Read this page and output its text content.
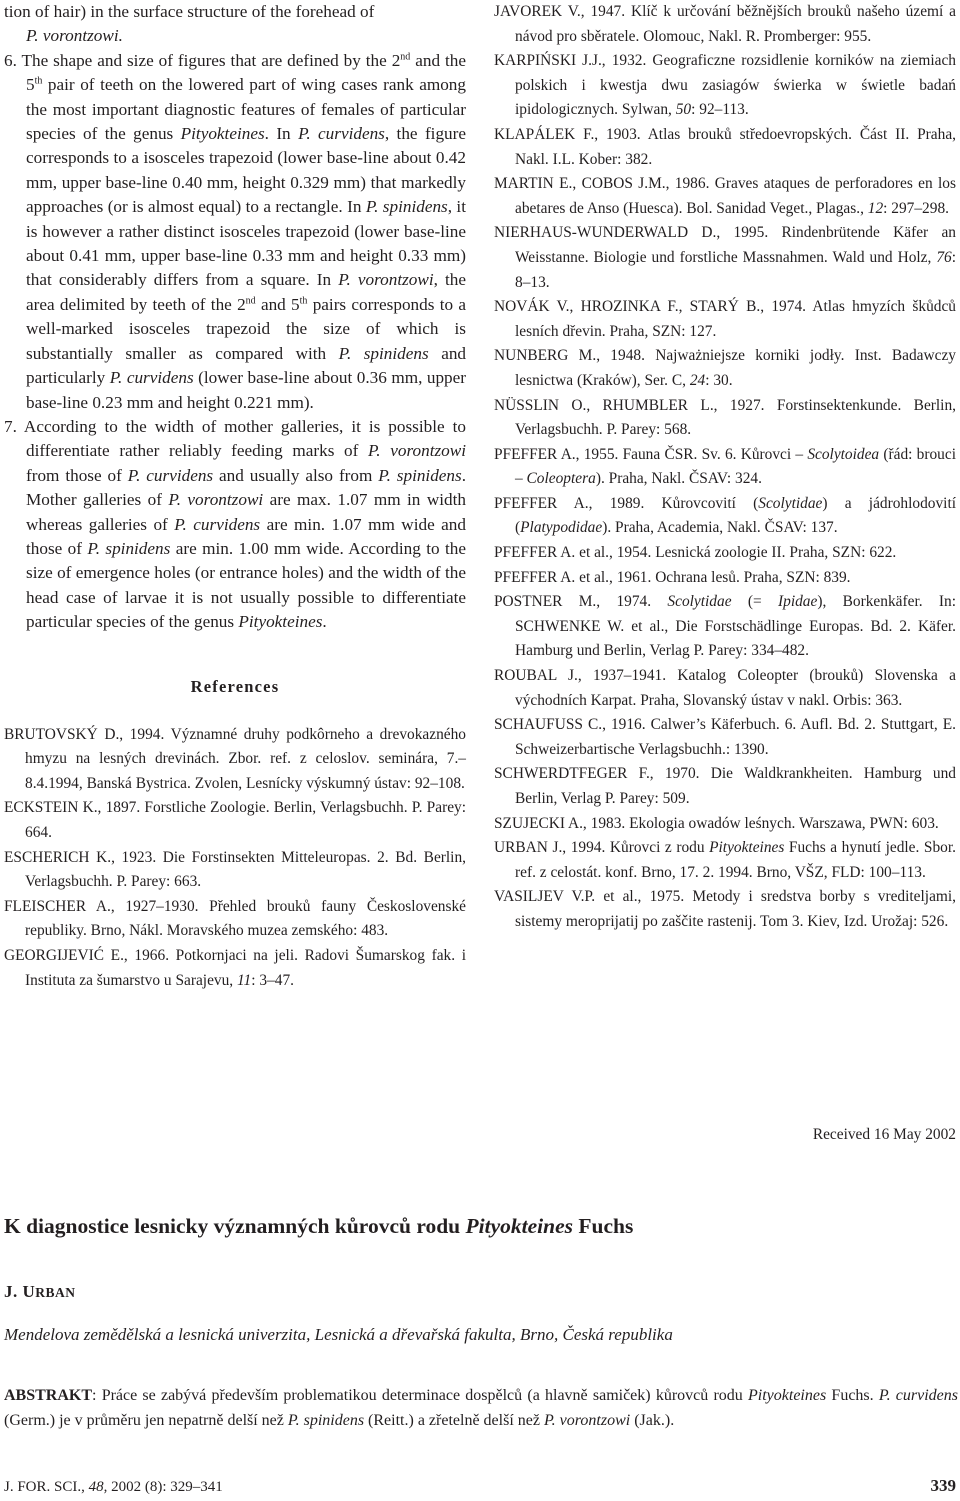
tion of hair) in the surface structure of the forehead of
P. vorontzowi.

6. The shape and size of figures that are defined by the 2nd and the 5th pair of teeth on the lowered part of wing cases rank among the most important diagnostic features of females of particular species of the genus Pityokteines. In P. curvidens, the figure corresponds to a isosceles trapezoid (lower base-line about 0.42 mm, upper base-line 0.40 mm, height 0.329 mm) that markedly approaches (or is almost equal) to a rectangle. In P. spinidens, it is however a rather distinct isosceles trapezoid (lower base-line about 0.41 mm, upper base-line 0.33 mm and height 0.33 mm) that considerably differs from a square. In P. vorontzowi, the area delimited by teeth of the 2nd and 5th pairs corresponds to a well-marked isosceles trapezoid the size of which is substantially smaller as compared with P. spinidens and particularly P. curvidens (lower base-line about 0.36 mm, upper base-line 0.23 mm and height 0.221 mm).

7. According to the width of mother galleries, it is possible to differentiate rather reliably feeding marks of P. vorontzowi from those of P. curvidens and usually also from P. spinidens. Mother galleries of P. vorontzowi are max. 1.07 mm in width whereas galleries of P. curvidens are min. 1.07 mm wide and those of P. spinidens are min. 1.00 mm wide. According to the size of emergence holes (or entrance holes) and the width of the head case of larvae it is not usually possible to differentiate particular species of the genus Pityokteines.

References

BRUTOVSKÝ D., 1994. Významné druhy podkôrneho a drevokazného hmyzu na lesných drevinách. Zbor. ref. z celoslov. seminára, 7.–8.4.1994, Banská Bystrica. Zvolen, Lesnícky výskumný ústav: 92–108.

ECKSTEIN K., 1897. Forstliche Zoologie. Berlin, Verlagsbuchh. P. Parey: 664.

ESCHERICH K., 1923. Die Forstinsekten Mitteleuropas. 2. Bd. Berlin, Verlagsbuchh. P. Parey: 663.

FLEISCHER A., 1927–1930. Přehled brouků fauny Československé republiky. Brno, Nákl. Moravského muzea zemského: 483.

GEORGIJEVIĆ E., 1966. Potkornjaci na jeli. Radovi Šumarskog fak. i Instituta za šumarstvo u Sarajevu, 11: 3–47.

JAVOREK V., 1947. Klíč k určování běžnějších brouků našeho území a návod pro sběratele. Olomouc, Nakl. R. Promberger: 955.

KARPIŃSKI J.J., 1932. Geograficzne rozsidlenie korników na ziemiach polskich i kwestja dwu zasiagów świerka w świetle badań ipidologicznych. Sylwan, 50: 92–113.

KLAPÁLEK F., 1903. Atlas brouků středoevropských. Část II. Praha, Nakl. I.L. Kober: 382.

MARTIN E., COBOS J.M., 1986. Graves ataques de perforadores en los abetares de Anso (Huesca). Bol. Sanidad Veget., Plagas., 12: 297–298.

NIERHAUS-WUNDERWALD D., 1995. Rindenbrütende Käfer an Weisstanne. Biologie und forstliche Massnahmen. Wald und Holz, 76: 8–13.

NOVÁK V., HROZINKA F., STARÝ B., 1974. Atlas hmyzích škůdců lesních dřevin. Praha, SZN: 127.

NUNBERG M., 1948. Najważniejsze korniki jodły. Inst. Badawczy lesnictwa (Kraków), Ser. C, 24: 30.

NÜSSLIN O., RHUMBLER L., 1927. Forstinsektenkunde. Berlin, Verlagsbuchh. P. Parey: 568.

PFEFFER A., 1955. Fauna ČSR. Sv. 6. Kůrovci – Scolytoidea (řád: brouci – Coleoptera). Praha, Nakl. ČSAV: 324.

PFEFFER A., 1989. Kůrovcovití (Scolytidae) a jádrohlodovití (Platypodidae). Praha, Academia, Nakl. ČSAV: 137.

PFEFFER A. et al., 1954. Lesnická zoologie II. Praha, SZN: 622.

PFEFFER A. et al., 1961. Ochrana lesů. Praha, SZN: 839.

POSTNER M., 1974. Scolytidae (= Ipidae), Borkenkäfer. In: SCHWENKE W. et al., Die Forstschädlinge Europas. Bd. 2. Käfer. Hamburg und Berlin, Verlag P. Parey: 334–482.

ROUBAL J., 1937–1941. Katalog Coleopter (brouků) Slovenska a východních Karpat. Praha, Slovanský ústav v nakl. Orbis: 363.

SCHAUFUSS C., 1916. Calwer’s Käferbuch. 6. Aufl. Bd. 2. Stuttgart, E. Schweizerbartische Verlagsbuchh.: 1390.

SCHWERDTFEGER F., 1970. Die Waldkrankheiten. Hamburg und Berlin, Verlag P. Parey: 509.

SZUJECKI A., 1983. Ekologia owadów leśnych. Warszawa, PWN: 603.

URBAN J., 1994. Kůrovci z rodu Pityokteines Fuchs a hynutí jedle. Sbor. ref. z celostát. konf. Brno, 17. 2. 1994. Brno, VŠZ, FLD: 100–113.

VASILJEV V.P. et al., 1975. Metody i sredstva borby s vrediteljami, sistemy meroprijatij po zaščite rastenij. Tom 3. Kiev, Izd. Urožaj: 526.

Received 16 May 2002
K diagnostice lesnicky významných kůrovců rodu Pityokteines Fuchs
J. URBAN
Mendelova zemědělská a lesnická univerzita, Lesnická a dřevařská fakulta, Brno, Česká republika
ABSTRAKT: Práce se zabývá především problematikou determinace dospělců (a hlavně samiček) kůrovců rodu Pityokteines Fuchs. P. curvidens (Germ.) je v průměru jen nepatrně delší než P. spinidens (Reitt.) a zřetelně delší než P. vorontzowi (Jak.).
J. FOR. SCI., 48, 2002 (8): 329–341	339
